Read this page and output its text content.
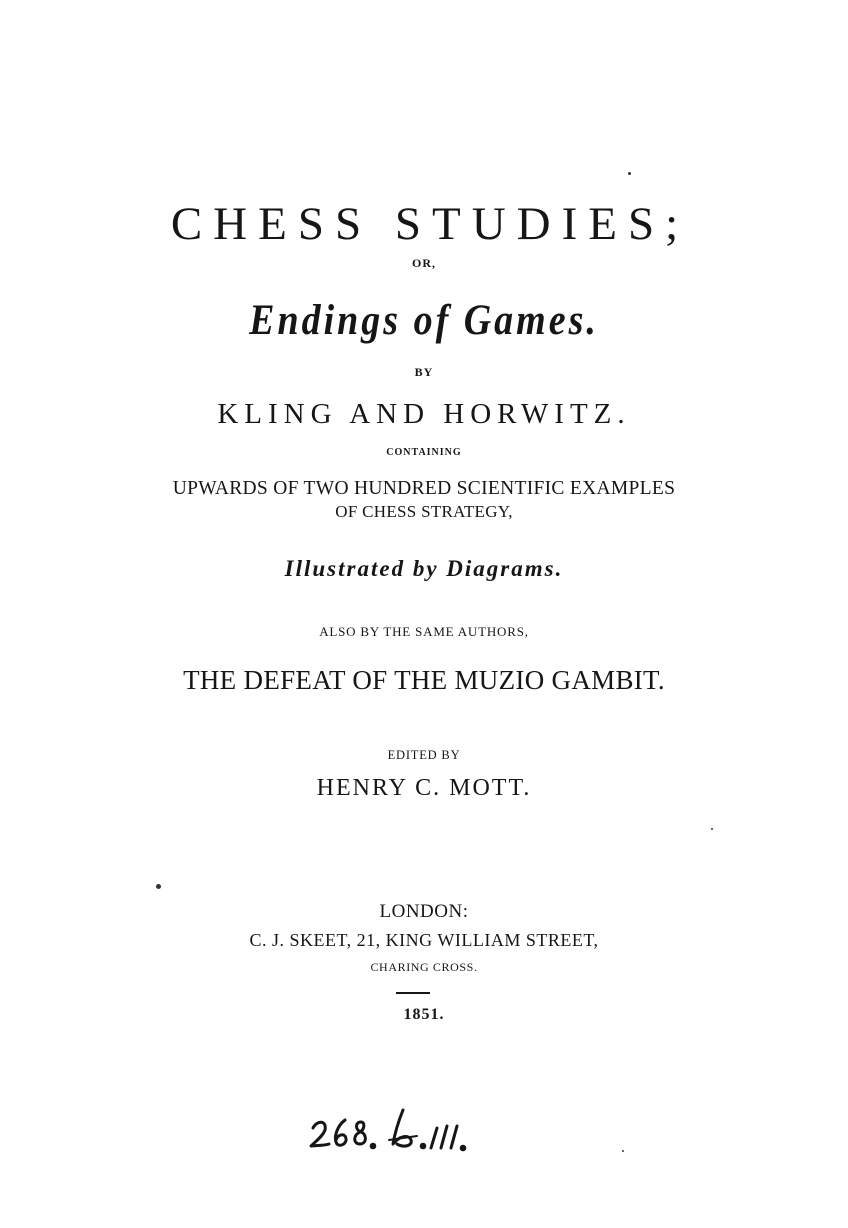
CHESS STUDIES;
OR,
Endings of Games.
BY
KLING AND HORWITZ.
CONTAINING
UPWARDS OF TWO HUNDRED SCIENTIFIC EXAMPLES
OF CHESS STRATEGY,
Illustrated by Diagrams.
ALSO BY THE SAME AUTHORS,
THE DEFEAT OF THE MUZIO GAMBIT.
EDITED BY
HENRY C. MOTT.
LONDON:
C. J. SKEET, 21, KING WILLIAM STREET,
CHARING CROSS.
1851.
